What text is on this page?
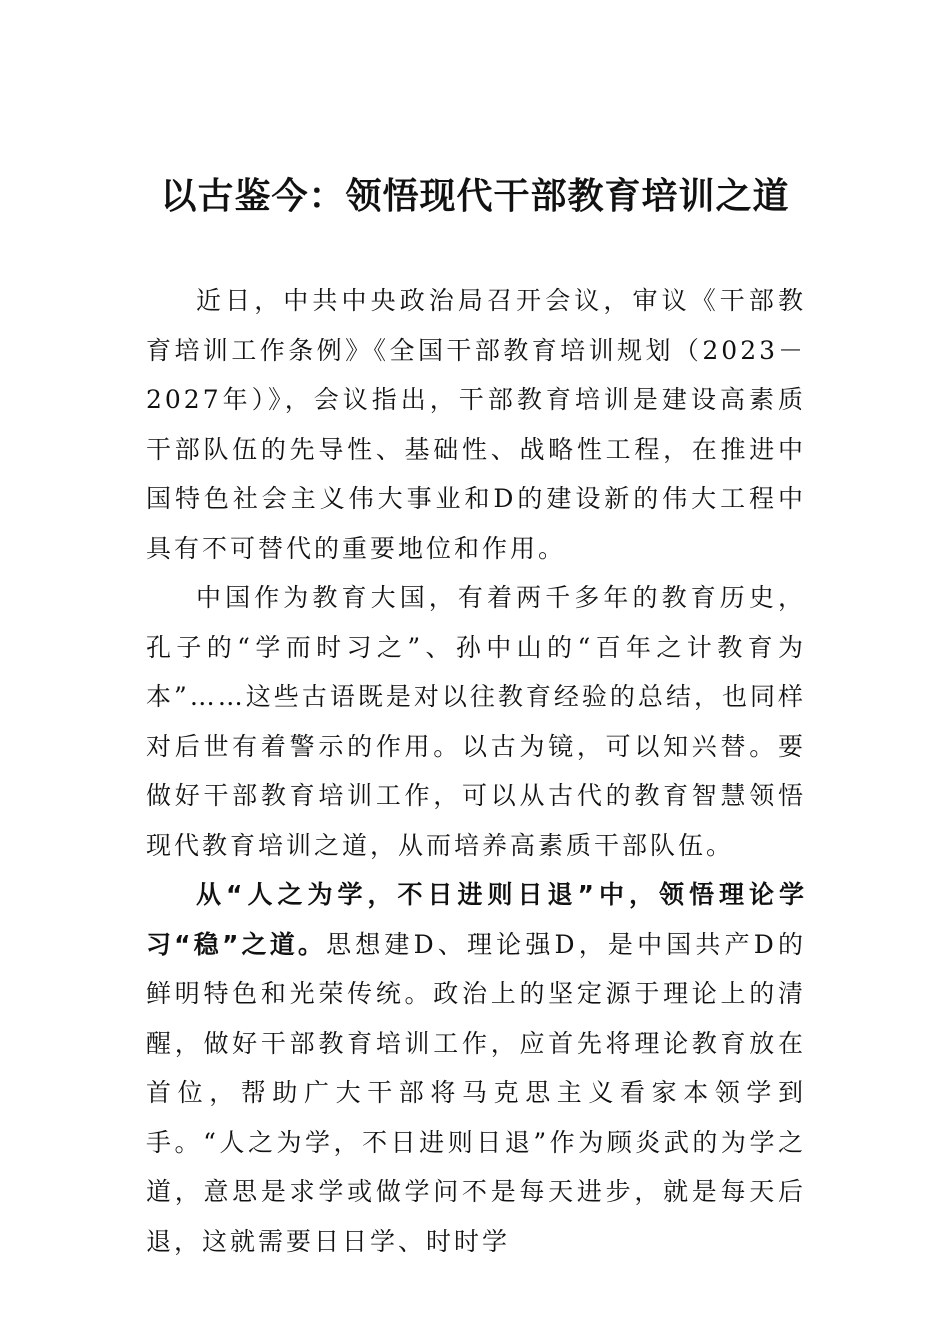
以古鉴今：领悟现代干部教育培训之道

近日，中共中央政治局召开会议，审议《干部教育培训工作条例》《全国干部教育培训规划（2023－2027年）》，会议指出，干部教育培训是建设高素质干部队伍的先导性、基础性、战略性工程，在推进中国特色社会主义伟大事业和D的建设新的伟大工程中具有不可替代的重要地位和作用。

中国作为教育大国，有着两千多年的教育历史，孔子的“学而时习之”、孙中山的“百年之计教育为本”……这些古语既是对以往教育经验的总结，也同样对后世有着警示的作用。以古为镜，可以知兴替。要做好干部教育培训工作，可以从古代的教育智慧领悟现代教育培训之道，从而培养高素质干部队伍。

从“人之为学，不日进则日退”中，领悟理论学习“稳”之道。思想建D、理论强D，是中国共产D的鲜明特色和光荣传统。政治上的坚定源于理论上的清醒，做好干部教育培训工作，应首先将理论教育放在首位，帮助广大干部将马克思主义看家本领学到手。“人之为学，不日进则日退”作为顾炎武的为学之道，意思是求学或做学问不是每天进步，就是每天后退，这就需要日日学、时时学
